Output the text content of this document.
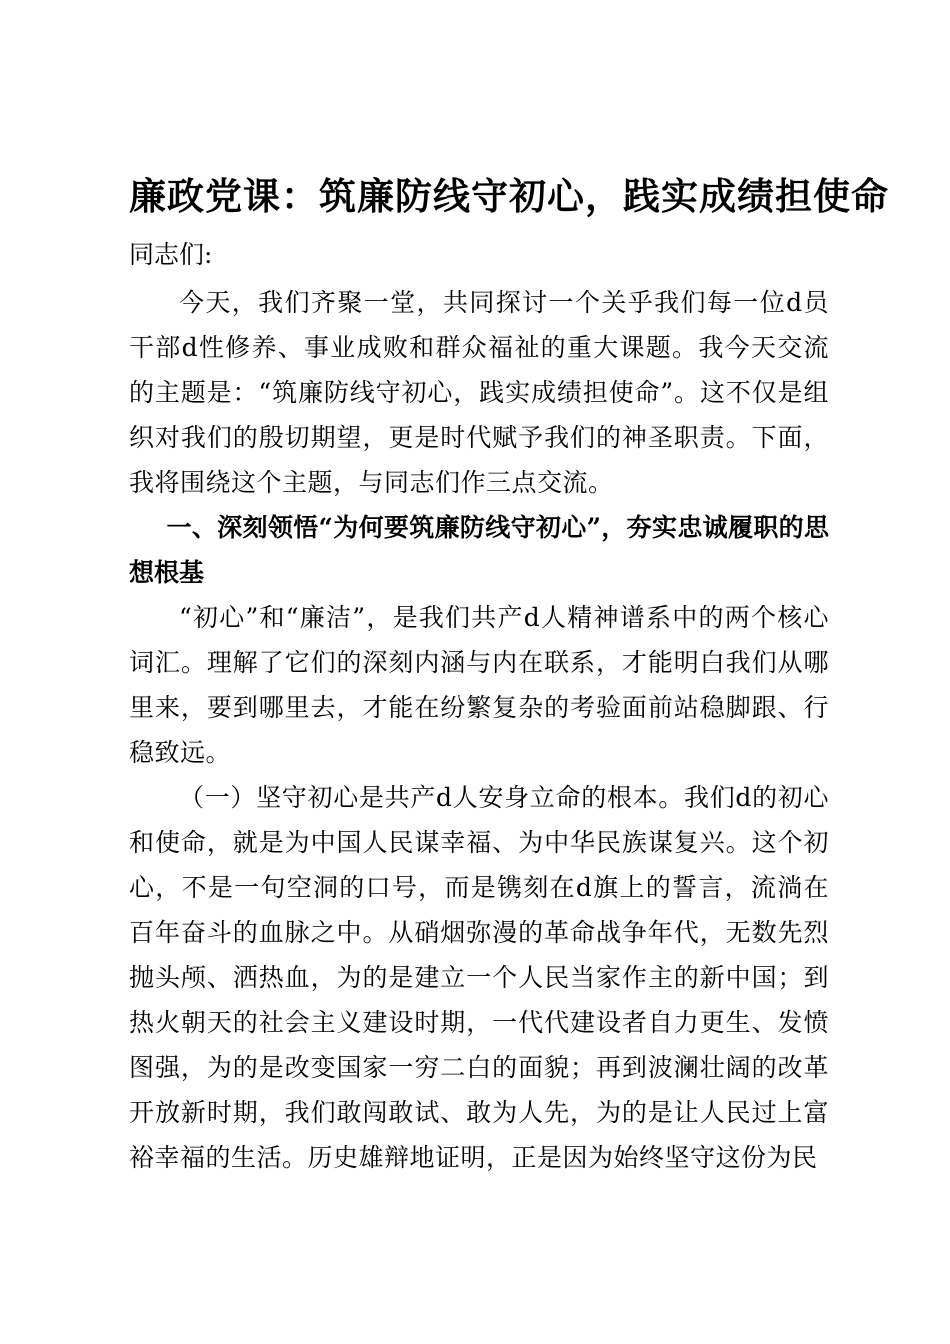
廉政党课：筑廉防线守初心，践实成绩担使命

同志们:

今天，我们齐聚一堂，共同探讨一个关乎我们每一位d员干部d性修养、事业成败和群众福祉的重大课题。我今天交流的主题是：“筑廉防线守初心，践实成绩担使命”。这不仅是组织对我们的殷切期望，更是时代赋予我们的神圣职责。下面，我将围绕这个主题，与同志们作三点交流。

一、深刻领悟“为何要筑廉防线守初心”，夯实忠诚履职的思想根基

“初心”和“廉洁”，是我们共产d人精神谱系中的两个核心词汇。理解了它们的深刻内涵与内在联系，才能明白我们从哪里来，要到哪里去，才能在纷繁复杂的考验面前站稳脚跟、行稳致远。

（一）坚守初心是共产d人安身立命的根本。我们d的初心和使命，就是为中国人民谋幸福、为中华民族谋复兴。这个初心，不是一句空洞的口号，而是镌刻在d旗上的誓言，流淌在百年奋斗的血脉之中。从硝烟弥漫的革命战争年代，无数先烈抛头颅、洒热血，为的是建立一个人民当家作主的新中国；到热火朝天的社会主义建设时期，一代代建设者自力更生、发愤图强，为的是改变国家一穷二白的面貌；再到波澜壮阔的改革开放新时期，我们敢闯敢试、敢为人先，为的是让人民过上富裕幸福的生活。历史雄辩地证明，正是因为始终坚守这份为民
